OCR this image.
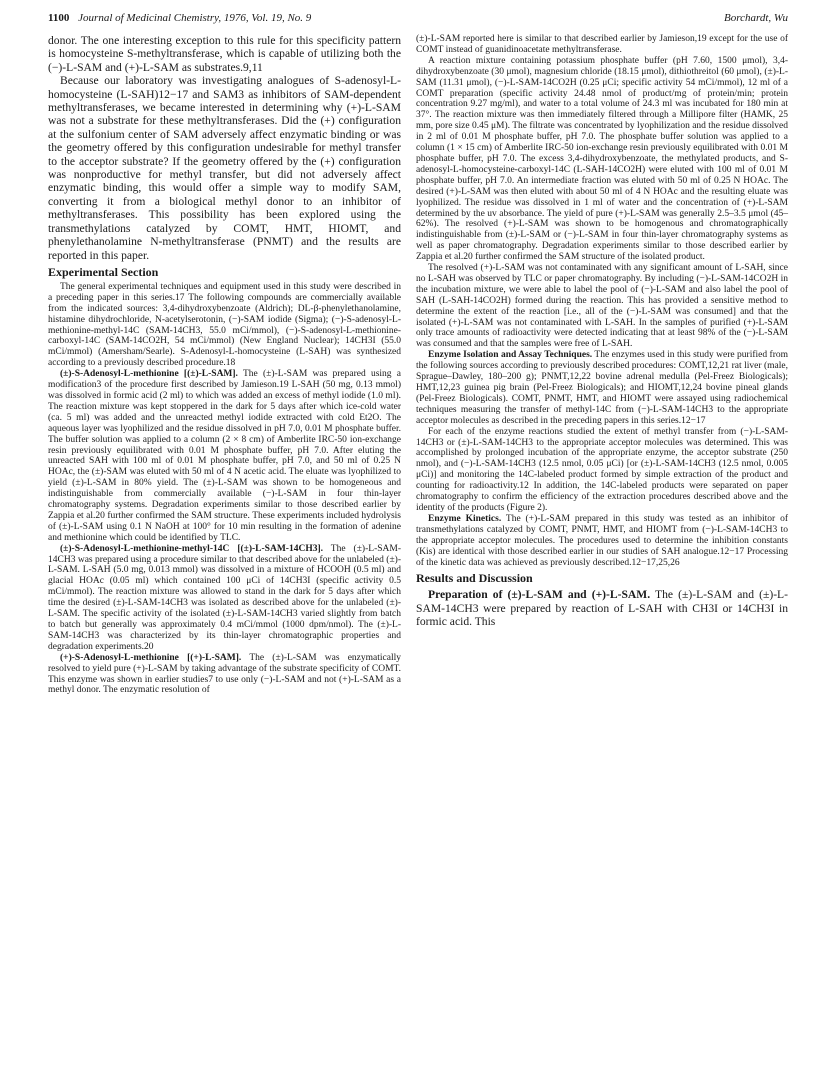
1100 Journal of Medicinal Chemistry, 1976, Vol. 19, No. 9	Borchardt, Wu

donor. The one interesting exception to this rule for this specificity pattern is homocysteine S-methyltransferase, which is capable of utilizing both the (−)-L-SAM and (+)-L-SAM as substrates.9,11

Because our laboratory was investigating analogues of S-adenosyl-L-homocysteine (L-SAH)12−17 and SAM3 as inhibitors of SAM-dependent methyltransferases, we became interested in determining why (+)-L-SAM was not a substrate for these methyltransferases. Did the (+) configuration at the sulfonium center of SAM adversely affect enzymatic binding or was the geometry offered by this configuration undesirable for methyl transfer to the acceptor substrate? If the geometry offered by the (+) configuration was nonproductive for methyl transfer, but did not adversely affect enzymatic binding, this would offer a simple way to modify SAM, converting it from a biological methyl donor to an inhibitor of methyltransferases. This possibility has been explored using the transmethylations catalyzed by COMT, HMT, HIOMT, and phenylethanolamine N-methyltransferase (PNMT) and the results are reported in this paper.

Experimental Section

The general experimental techniques and equipment used in this study were described in a preceding paper in this series.17 The following compounds are commercially available from the indicated sources: 3,4-dihydroxybenzoate (Aldrich); DL-β-phenylethanolamine, histamine dihydrochloride, N-acetylserotonin, (−)-SAM iodide (Sigma); (−)-S-adenosyl-L-methionine-methyl-14C (SAM-14CH3, 55.0 mCi/mmol), (−)-S-adenosyl-L-methionine-carboxyl-14C (SAM-14CO2H, 54 mCi/mmol) (New England Nuclear); 14CH3I (55.0 mCi/mmol) (Amersham/Searle). S-Adenosyl-L-homocysteine (L-SAH) was synthesized according to a previously described procedure.18

(±)-S-Adenosyl-L-methionine [(±)-L-SAM]. The (±)-L-SAM was prepared using a modification3 of the procedure first described by Jamieson.19 L-SAH (50 mg, 0.13 mmol) was dissolved in formic acid (2 ml) to which was added an excess of methyl iodide (1.0 ml). The reaction mixture was kept stoppered in the dark for 5 days after which ice-cold water (ca. 5 ml) was added and the unreacted methyl iodide extracted with cold Et2O. The aqueous layer was lyophilized and the residue dissolved in pH 7.0, 0.01 M phosphate buffer. The buffer solution was applied to a column (2 × 8 cm) of Amberlite IRC-50 ion-exchange resin previously equilibrated with 0.01 M phosphate buffer, pH 7.0. After eluting the unreacted SAH with 100 ml of 0.01 M phosphate buffer, pH 7.0, and 50 ml of 0.25 N HOAc, the (±)-SAM was eluted with 50 ml of 4 N acetic acid. The eluate was lyophilized to yield (±)-L-SAM in 80% yield. The (±)-L-SAM was shown to be homogeneous and indistinguishable from commercially available (−)-L-SAM in four thin-layer chromatography systems. Degradation experiments similar to those described earlier by Zappia et al.20 further confirmed the SAM structure. These experiments included hydrolysis of (±)-L-SAM using 0.1 N NaOH at 100° for 10 min resulting in the formation of adenine and methionine which could be identified by TLC.

(±)-S-Adenosyl-L-methionine-methyl-14C [(±)-L-SAM-14CH3]. The (±)-L-SAM-14CH3 was prepared using a procedure similar to that described above for the unlabeled (±)-L-SAM. L-SAH (5.0 mg, 0.013 mmol) was dissolved in a mixture of HCOOH (0.5 ml) and glacial HOAc (0.05 ml) which contained 100 μCi of 14CH3I (specific activity 0.5 mCi/mmol). The reaction mixture was allowed to stand in the dark for 5 days after which time the desired (±)-L-SAM-14CH3 was isolated as described above for the unlabeled (±)-L-SAM. The specific activity of the isolated (±)-L-SAM-14CH3 varied slightly from batch to batch but generally was approximately 0.4 mCi/mmol (1000 dpm/nmol). The (±)-L-SAM-14CH3 was characterized by its thin-layer chromatographic properties and degradation experiments.20

(+)-S-Adenosyl-L-methionine [(+)-L-SAM]. The (±)-L-SAM was enzymatically resolved to yield pure (+)-L-SAM by taking advantage of the substrate specificity of COMT. This enzyme was shown in earlier studies7 to use only (−)-L-SAM and not (+)-L-SAM as a methyl donor. The enzymatic resolution of

(±)-L-SAM reported here is similar to that described earlier by Jamieson,19 except for the use of COMT instead of guanidinoacetate methyltransferase.

A reaction mixture containing potassium phosphate buffer (pH 7.60, 1500 μmol), 3,4-dihydroxybenzoate (30 μmol), magnesium chloride (18.15 μmol), dithiothreitol (60 μmol), (±)-L-SAM (11.31 μmol), (−)-L-SAM-14CO2H (0.25 μCi; specific activity 54 mCi/mmol), 12 ml of a COMT preparation (specific activity 24.48 nmol of product/mg of protein/min; protein concentration 9.27 mg/ml), and water to a total volume of 24.3 ml was incubated for 180 min at 37°. The reaction mixture was then immediately filtered through a Millipore filter (HAMK, 25 mm, pore size 0.45 μM). The filtrate was concentrated by lyophilization and the residue dissolved in 2 ml of 0.01 M phosphate buffer, pH 7.0. The phosphate buffer solution was applied to a column (1 × 15 cm) of Amberlite IRC-50 ion-exchange resin previously equilibrated with 0.01 M phosphate buffer, pH 7.0. The excess 3,4-dihydroxybenzoate, the methylated products, and S-adenosyl-L-homocysteine-carboxyl-14C (L-SAH-14CO2H) were eluted with 100 ml of 0.01 M phosphate buffer, pH 7.0. An intermediate fraction was eluted with 50 ml of 0.25 N HOAc. The desired (+)-L-SAM was then eluted with about 50 ml of 4 N HOAc and the resulting eluate was lyophilized. The residue was dissolved in 1 ml of water and the concentration of (+)-L-SAM determined by the uv absorbance. The yield of pure (+)-L-SAM was generally 2.5–3.5 μmol (45–62%). The resolved (+)-L-SAM was shown to be homogenous and chromatographically indistinguishable from (±)-L-SAM or (−)-L-SAM in four thin-layer chromatography systems as well as paper chromatography. Degradation experiments similar to those described earlier by Zappia et al.20 further confirmed the SAM structure of the isolated product.

The resolved (+)-L-SAM was not contaminated with any significant amount of L-SAH, since no L-SAH was observed by TLC or paper chromatography. By including (−)-L-SAM-14CO2H in the incubation mixture, we were able to label the pool of (−)-L-SAM and also label the pool of SAH (L-SAH-14CO2H) formed during the reaction. This has provided a sensitive method to determine the extent of the reaction [i.e., all of the (−)-L-SAM was consumed] and that the isolated (+)-L-SAM was not contaminated with L-SAH. In the samples of purified (+)-L-SAM only trace amounts of radioactivity were detected indicating that at least 98% of the (−)-L-SAM was consumed and that the samples were free of L-SAH.

Enzyme Isolation and Assay Techniques. The enzymes used in this study were purified from the following sources according to previously described procedures: COMT,12,21 rat liver (male, Sprague–Dawley, 180–200 g); PNMT,12,22 bovine adrenal medulla (Pel-Freez Biologicals); HMT,12,23 guinea pig brain (Pel-Freez Biologicals); and HIOMT,12,24 bovine pineal glands (Pel-Freez Biologicals). COMT, PNMT, HMT, and HIOMT were assayed using radiochemical techniques measuring the transfer of methyl-14C from (−)-L-SAM-14CH3 to the appropriate acceptor molecules as described in the preceding papers in this series.12−17

For each of the enzyme reactions studied the extent of methyl transfer from (−)-L-SAM-14CH3 or (±)-L-SAM-14CH3 to the appropriate acceptor molecules was determined. This was accomplished by prolonged incubation of the appropriate enzyme, the acceptor substrate (250 nmol), and (−)-L-SAM-14CH3 (12.5 nmol, 0.05 μCi) [or (±)-L-SAM-14CH3 (12.5 nmol, 0.005 μCi)] and monitoring the 14C-labeled product formed by simple extraction of the product and counting for radioactivity.12 In addition, the 14C-labeled products were separated on paper chromatography to confirm the efficiency of the extraction procedures described above and the identity of the products (Figure 2).

Enzyme Kinetics. The (+)-L-SAM prepared in this study was tested as an inhibitor of transmethylations catalyzed by COMT, PNMT, HMT, and HIOMT from (−)-L-SAM-14CH3 to the appropriate acceptor molecules. The procedures used to determine the inhibition constants (Kis) are identical with those described earlier in our studies of SAH analogue.12−17 Processing of the kinetic data was achieved as previously described.12−17,25,26

Results and Discussion

Preparation of (±)-L-SAM and (+)-L-SAM. The (±)-L-SAM and (±)-L-SAM-14CH3 were prepared by reaction of L-SAH with CH3I or 14CH3I in formic acid. This
